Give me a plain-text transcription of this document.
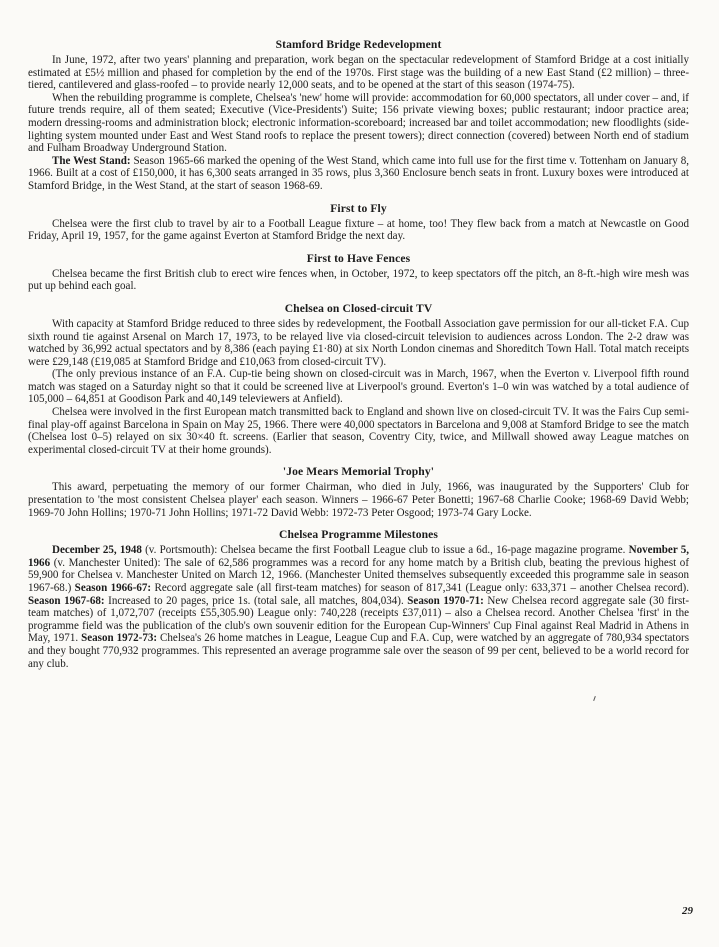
Stamford Bridge Redevelopment

In June, 1972, after two years' planning and preparation, work began on the spectacular redevelopment of Stamford Bridge at a cost initially estimated at £5½ million and phased for completion by the end of the 1970s. First stage was the building of a new East Stand (£2 million) – three-tiered, cantilevered and glass-roofed – to provide nearly 12,000 seats, and to be opened at the start of this season (1974-75).

When the rebuilding programme is complete, Chelsea's 'new' home will provide: accommodation for 60,000 spectators, all under cover – and, if future trends require, all of them seated; Executive (Vice-Presidents') Suite; 156 private viewing boxes; public restaurant; indoor practice area; modern dressing-rooms and administration block; electronic information-scoreboard; increased bar and toilet accommodation; new floodlights (side-lighting system mounted under East and West Stand roofs to replace the present towers); direct connection (covered) between North end of stadium and Fulham Broadway Underground Station.

The West Stand: Season 1965-66 marked the opening of the West Stand, which came into full use for the first time v. Tottenham on January 8, 1966. Built at a cost of £150,000, it has 6,300 seats arranged in 35 rows, plus 3,360 Enclosure bench seats in front. Luxury boxes were introduced at Stamford Bridge, in the West Stand, at the start of season 1968-69.

First to Fly

Chelsea were the first club to travel by air to a Football League fixture – at home, too! They flew back from a match at Newcastle on Good Friday, April 19, 1957, for the game against Everton at Stamford Bridge the next day.

First to Have Fences

Chelsea became the first British club to erect wire fences when, in October, 1972, to keep spectators off the pitch, an 8-ft.-high wire mesh was put up behind each goal.

Chelsea on Closed-circuit TV

With capacity at Stamford Bridge reduced to three sides by redevelopment, the Football Association gave permission for our all-ticket F.A. Cup sixth round tie against Arsenal on March 17, 1973, to be relayed live via closed-circuit television to audiences across London. The 2-2 draw was watched by 36,992 actual spectators and by 8,386 (each paying £1·80) at six North London cinemas and Shoreditch Town Hall. Total match receipts were £29,148 (£19,085 at Stamford Bridge and £10,063 from closed-circuit TV).

(The only previous instance of an F.A. Cup-tie being shown on closed-circuit was in March, 1967, when the Everton v. Liverpool fifth round match was staged on a Saturday night so that it could be screened live at Liverpool's ground. Everton's 1–0 win was watched by a total audience of 105,000 – 64,851 at Goodison Park and 40,149 televiewers at Anfield).

Chelsea were involved in the first European match transmitted back to England and shown live on closed-circuit TV. It was the Fairs Cup semi-final play-off against Barcelona in Spain on May 25, 1966. There were 40,000 spectators in Barcelona and 9,008 at Stamford Bridge to see the match (Chelsea lost 0–5) relayed on six 30×40 ft. screens. (Earlier that season, Coventry City, twice, and Millwall showed away League matches on experimental closed-circuit TV at their home grounds).

'Joe Mears Memorial Trophy'

This award, perpetuating the memory of our former Chairman, who died in July, 1966, was inaugurated by the Supporters' Club for presentation to 'the most consistent Chelsea player' each season. Winners – 1966-67 Peter Bonetti; 1967-68 Charlie Cooke; 1968-69 David Webb; 1969-70 John Hollins; 1970-71 John Hollins; 1971-72 David Webb: 1972-73 Peter Osgood; 1973-74 Gary Locke.

Chelsea Programme Milestones

December 25, 1948 (v. Portsmouth): Chelsea became the first Football League club to issue a 6d., 16-page magazine programe. November 5, 1966 (v. Manchester United): The sale of 62,586 programmes was a record for any home match by a British club, beating the previous highest of 59,900 for Chelsea v. Manchester United on March 12, 1966. (Manchester United themselves subsequently exceeded this programme sale in season 1967-68.) Season 1966-67: Record aggregate sale (all first-team matches) for season of 817,341 (League only: 633,371 – another Chelsea record). Season 1967-68: Increased to 20 pages, price 1s. (total sale, all matches, 804,034). Season 1970-71: New Chelsea record aggregate sale (30 first-team matches) of 1,072,707 (receipts £55,305.90) League only: 740,228 (receipts £37,011) – also a Chelsea record. Another Chelsea 'first' in the programme field was the publication of the club's own souvenir edition for the European Cup-Winners' Cup Final against Real Madrid in Athens in May, 1971. Season 1972-73: Chelsea's 26 home matches in League, League Cup and F.A. Cup, were watched by an aggregate of 780,934 spectators and they bought 770,932 programmes. This represented an average programme sale over the season of 99 per cent, believed to be a world record for any club.

29
